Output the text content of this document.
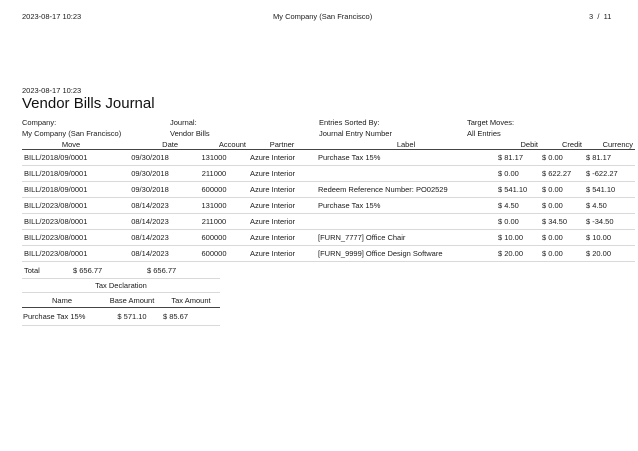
2023-08-17 10:23	My Company (San Francisco)	3 / 11
2023-08-17 10:23
Vendor Bills Journal
Company:
My Company (San Francisco)
Journal:
Vendor Bills
Entries Sorted By:
Journal Entry Number
Target Moves:
All Entries
Move	Date	Account	Partner	Label	Debit	Credit	Currency
BILL/2018/09/0001	09/30/2018	131000	Azure Interior	Purchase Tax 15%	$ 81.17	$ 0.00	$ 81.17
BILL/2018/09/0001	09/30/2018	211000	Azure Interior		$ 0.00	$ 622.27	$ -622.27
BILL/2018/09/0001	09/30/2018	600000	Azure Interior	Redeem Reference Number: PO02529	$ 541.10	$ 0.00	$ 541.10
BILL/2023/08/0001	08/14/2023	131000	Azure Interior	Purchase Tax 15%	$ 4.50	$ 0.00	$ 4.50
BILL/2023/08/0001	08/14/2023	211000	Azure Interior		$ 0.00	$ 34.50	$ -34.50
BILL/2023/08/0001	08/14/2023	600000	Azure Interior	[FURN_7777] Office Chair	$ 10.00	$ 0.00	$ 10.00
BILL/2023/08/0001	08/14/2023	600000	Azure Interior	[FURN_9999] Office Design Software	$ 20.00	$ 0.00	$ 20.00
Total	$ 656.77	$ 656.77
Tax Declaration
Name	Base Amount	Tax Amount
Purchase Tax 15%	$ 571.10	$ 85.67
